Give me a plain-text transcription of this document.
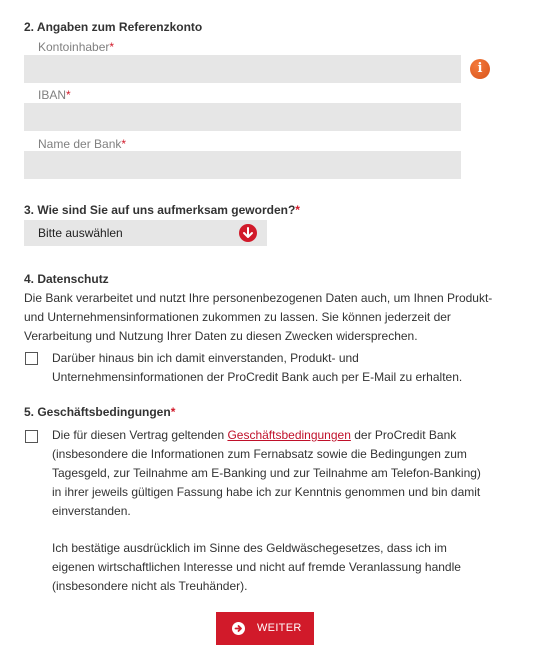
2. Angaben zum Referenzkonto
Kontoinhaber*
i
IBAN*
Name der Bank*
3. Wie sind Sie auf uns aufmerksam geworden?*
Bitte auswählen
4. Datenschutz
Die Bank verarbeitet und nutzt Ihre personenbezogenen Daten auch, um Ihnen Produkt-
und Unternehmensinformationen zukommen zu lassen. Sie können jederzeit der
Verarbeitung und Nutzung Ihrer Daten zu diesen Zwecken widersprechen.
Darüber hinaus bin ich damit einverstanden, Produkt- und
Unternehmensinformationen der ProCredit Bank auch per E-Mail zu erhalten.
5. Geschäftsbedingungen*
Die für diesen Vertrag geltenden Geschäftsbedingungen der ProCredit Bank
(insbesondere die Informationen zum Fernabsatz sowie die Bedingungen zum
Tagesgeld, zur Teilnahme am E-Banking und zur Teilnahme am Telefon-Banking)
in ihrer jeweils gültigen Fassung habe ich zur Kenntnis genommen und bin damit
einverstanden.
Ich bestätige ausdrücklich im Sinne des Geldwäschegesetzes, dass ich im
eigenen wirtschaftlichen Interesse und nicht auf fremde Veranlassung handle
(insbesondere nicht als Treuhänder).
WEITER
